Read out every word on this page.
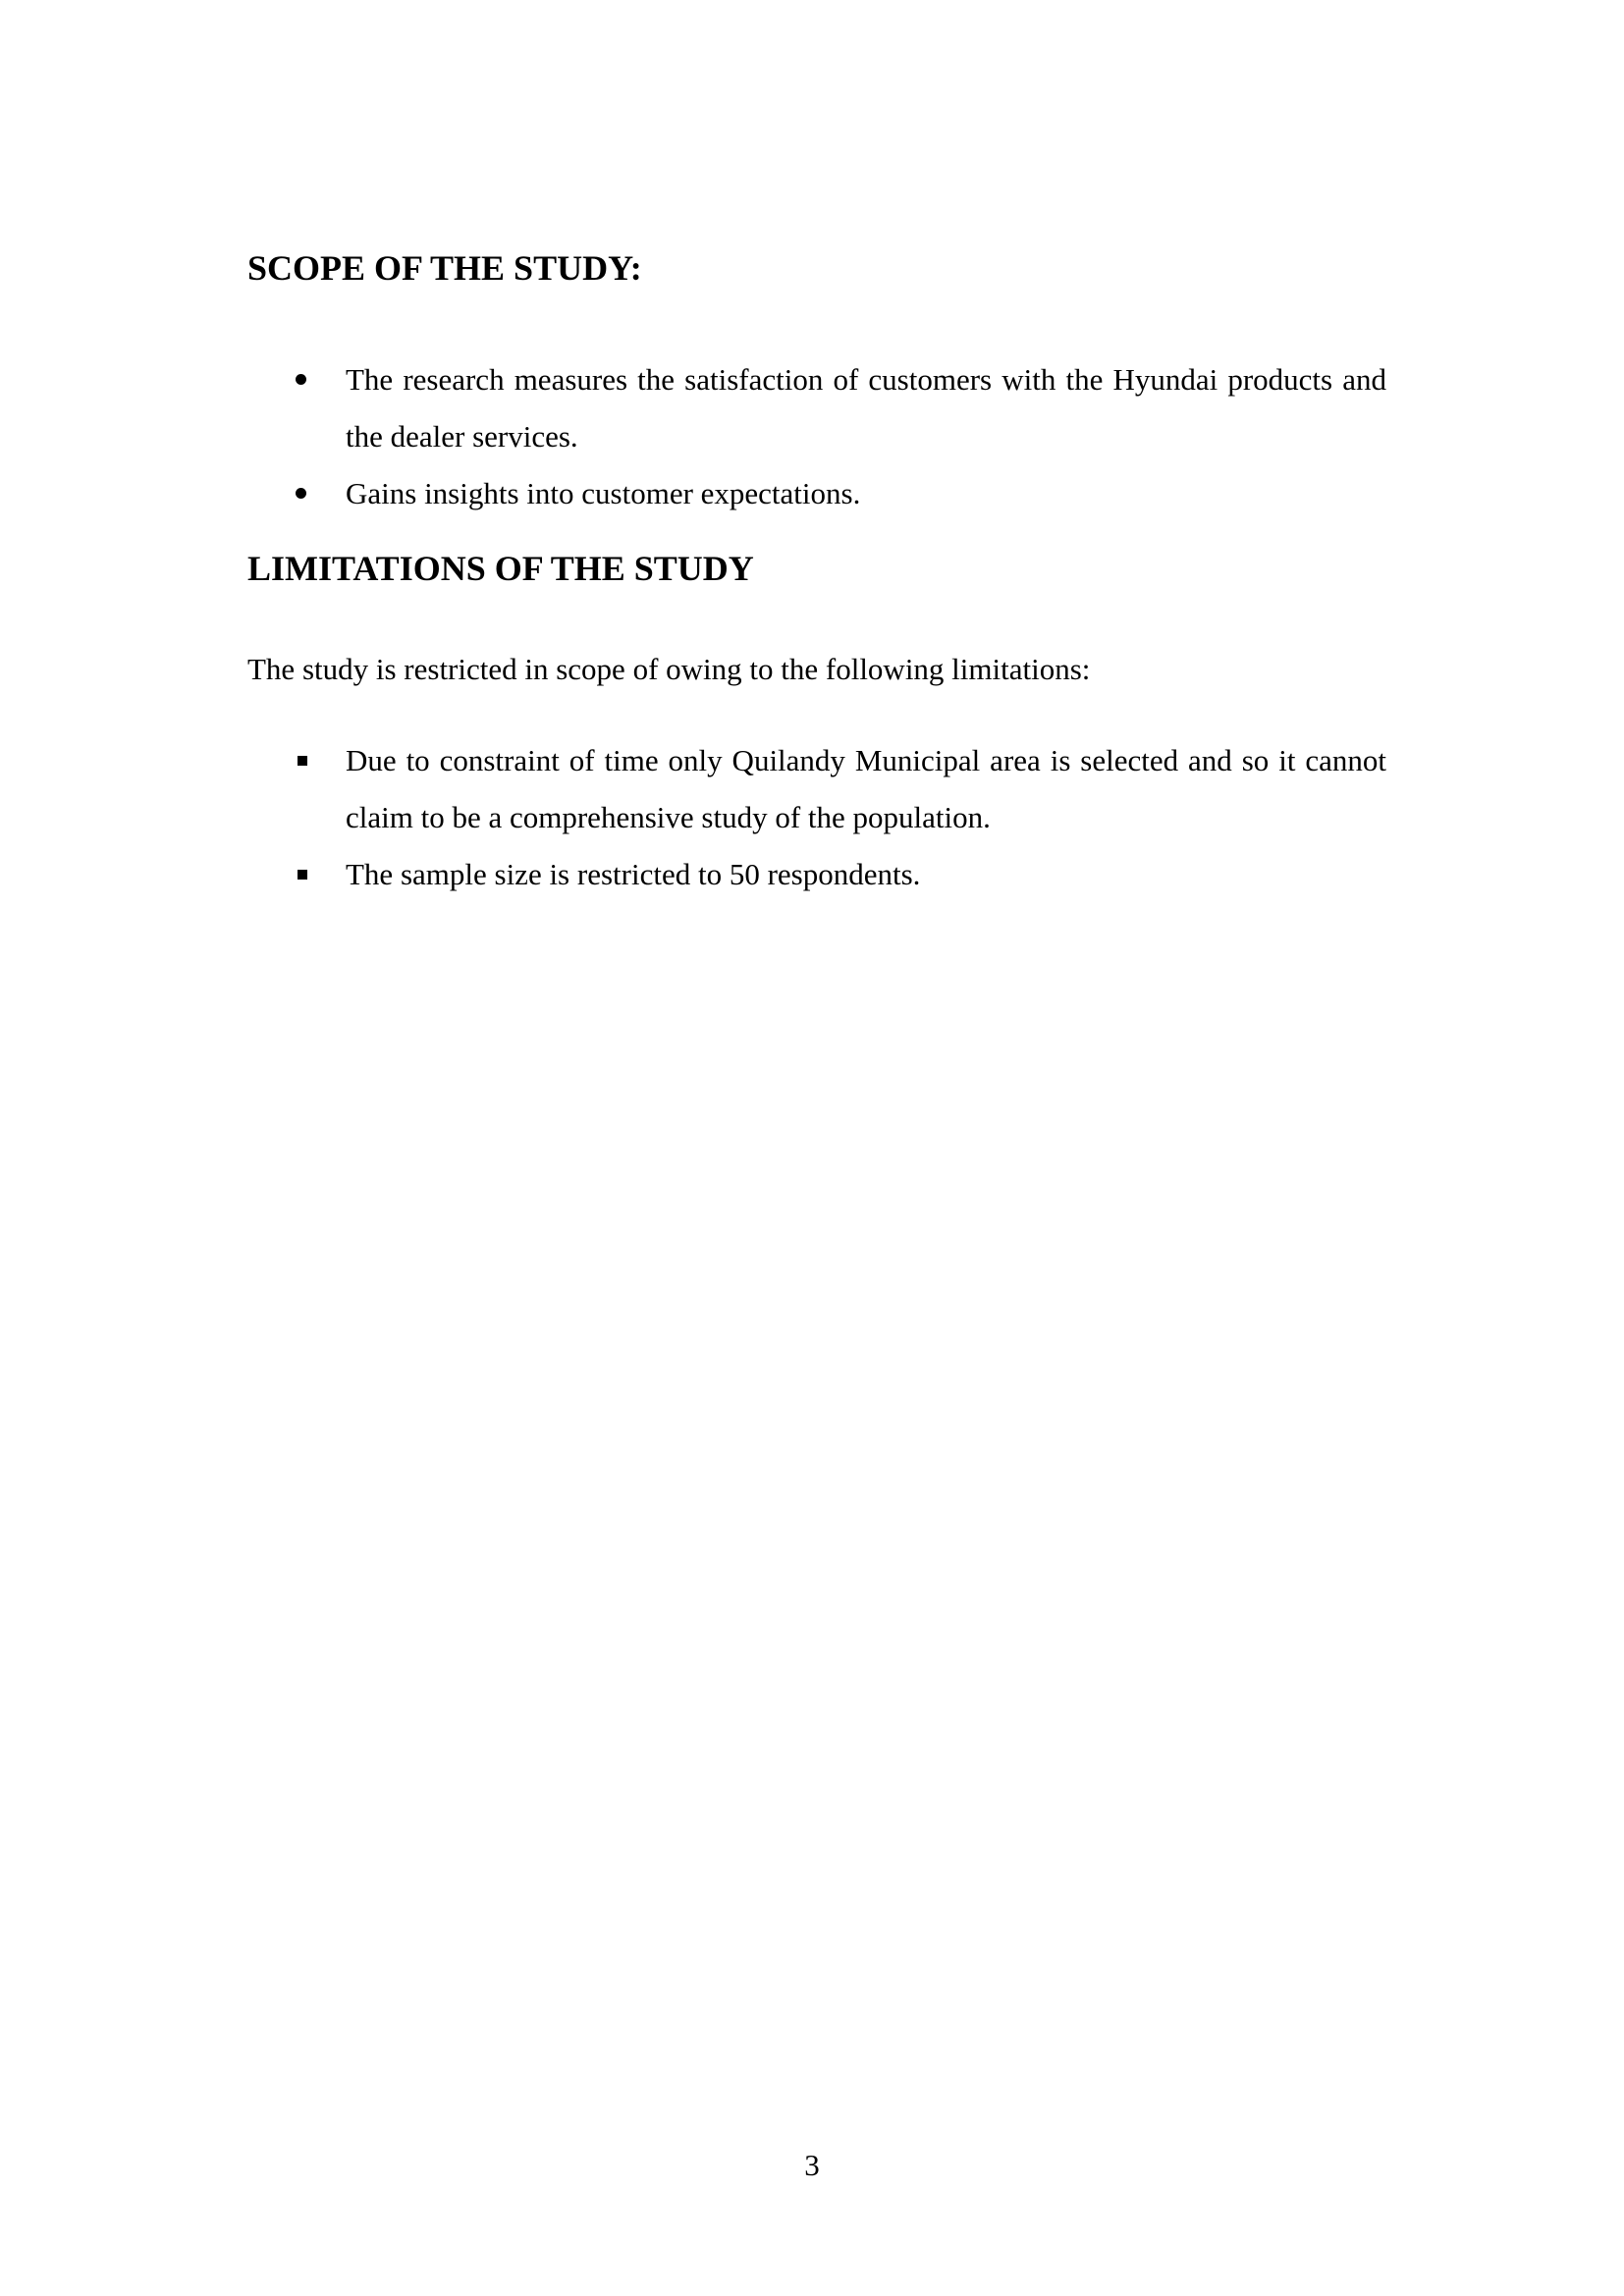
SCOPE OF THE STUDY:
The research measures the satisfaction of customers with the Hyundai products and the dealer services.
Gains insights into customer expectations.
LIMITATIONS OF THE STUDY

The study is restricted in scope of owing to the following limitations:

Due to constraint of time only Quilandy Municipal area is selected and so it cannot claim to be a comprehensive study of the population.
The sample size is restricted to 50 respondents.

3
